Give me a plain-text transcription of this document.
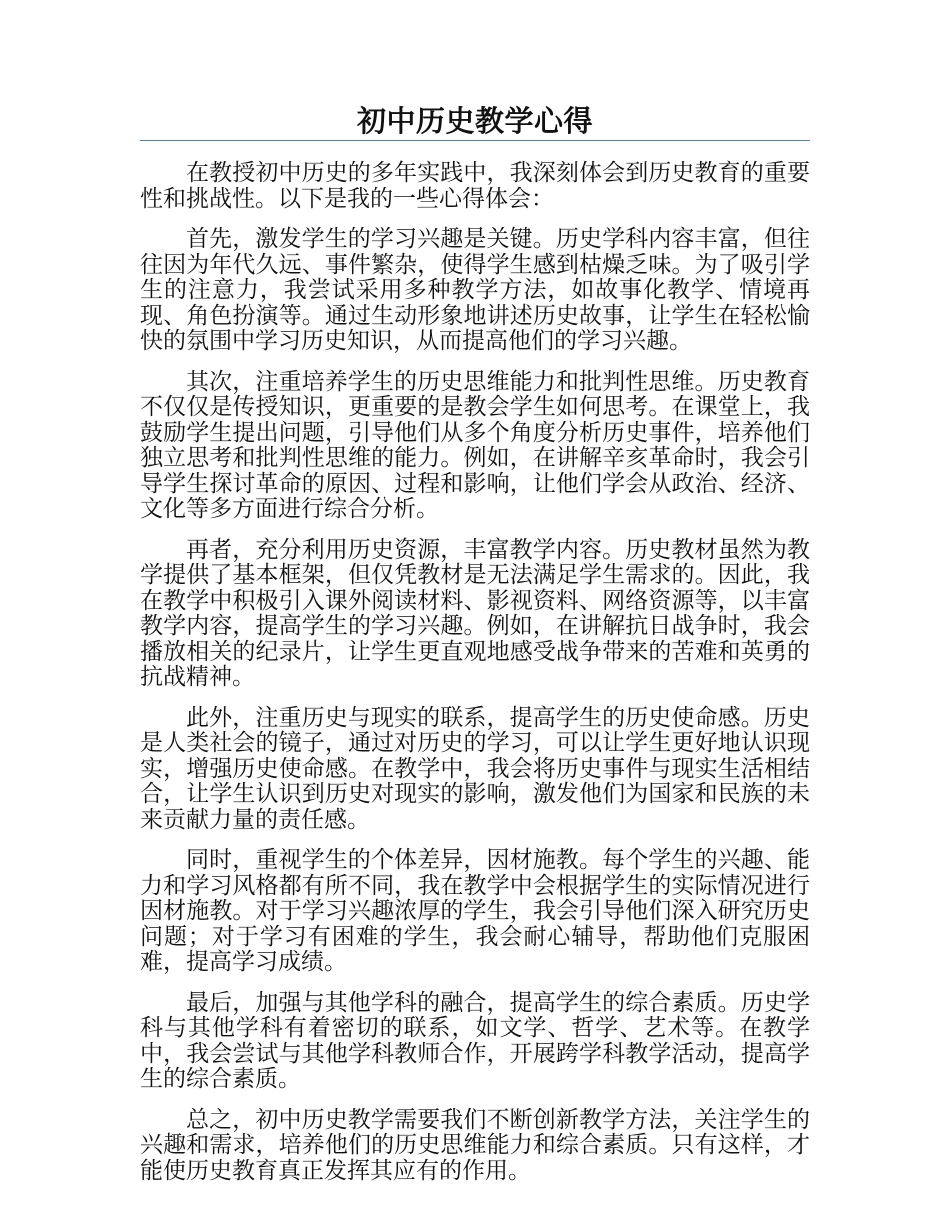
初中历史教学心得

在教授初中历史的多年实践中，我深刻体会到历史教育的重要性和挑战性。以下是我的一些心得体会：

首先，激发学生的学习兴趣是关键。历史学科内容丰富，但往往因为年代久远、事件繁杂，使得学生感到枯燥乏味。为了吸引学生的注意力，我尝试采用多种教学方法，如故事化教学、情境再现、角色扮演等。通过生动形象地讲述历史故事，让学生在轻松愉快的氛围中学习历史知识，从而提高他们的学习兴趣。

其次，注重培养学生的历史思维能力和批判性思维。历史教育不仅仅是传授知识，更重要的是教会学生如何思考。在课堂上，我鼓励学生提出问题，引导他们从多个角度分析历史事件，培养他们独立思考和批判性思维的能力。例如，在讲解辛亥革命时，我会引导学生探讨革命的原因、过程和影响，让他们学会从政治、经济、文化等多方面进行综合分析。

再者，充分利用历史资源，丰富教学内容。历史教材虽然为教学提供了基本框架，但仅凭教材是无法满足学生需求的。因此，我在教学中积极引入课外阅读材料、影视资料、网络资源等，以丰富教学内容，提高学生的学习兴趣。例如，在讲解抗日战争时，我会播放相关的纪录片，让学生更直观地感受战争带来的苦难和英勇的抗战精神。

此外，注重历史与现实的联系，提高学生的历史使命感。历史是人类社会的镜子，通过对历史的学习，可以让学生更好地认识现实，增强历史使命感。在教学中，我会将历史事件与现实生活相结合，让学生认识到历史对现实的影响，激发他们为国家和民族的未来贡献力量的责任感。

同时，重视学生的个体差异，因材施教。每个学生的兴趣、能力和学习风格都有所不同，我在教学中会根据学生的实际情况进行因材施教。对于学习兴趣浓厚的学生，我会引导他们深入研究历史问题；对于学习有困难的学生，我会耐心辅导，帮助他们克服困难，提高学习成绩。

最后，加强与其他学科的融合，提高学生的综合素质。历史学科与其他学科有着密切的联系，如文学、哲学、艺术等。在教学中，我会尝试与其他学科教师合作，开展跨学科教学活动，提高学生的综合素质。

总之，初中历史教学需要我们不断创新教学方法，关注学生的兴趣和需求，培养他们的历史思维能力和综合素质。只有这样，才能使历史教育真正发挥其应有的作用。
